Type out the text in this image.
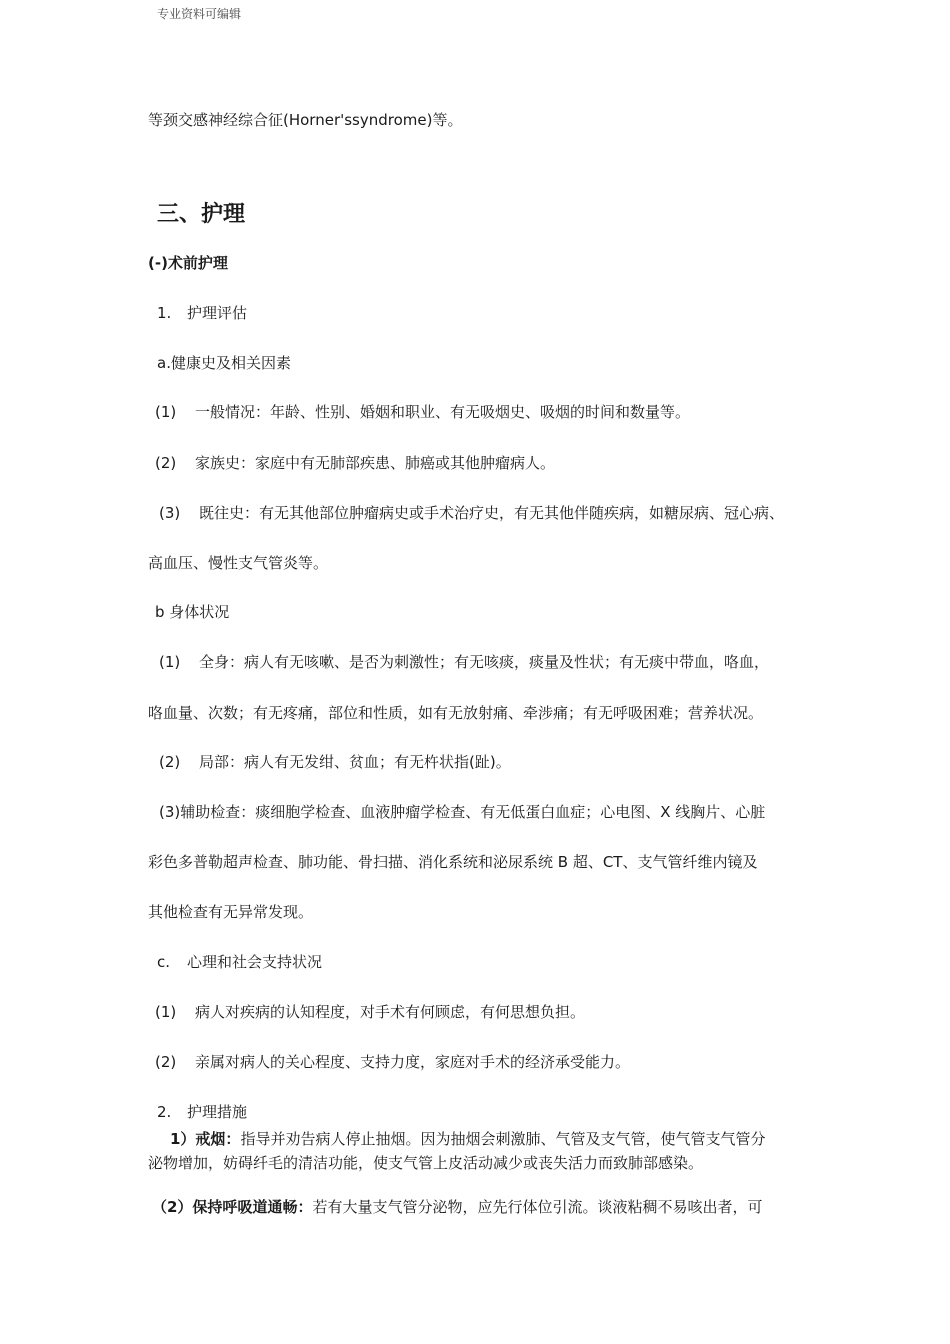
专业资料可编辑
等颈交感神经综合征(Horner'ssyndrome)等。
三、护理
(-)术前护理
1. 护理评估
a.健康史及相关因素
(1) 一般情况：年龄、性别、婚姻和职业、有无吸烟史、吸烟的时间和数量等。
(2) 家族史：家庭中有无肺部疾患、肺癌或其他肿瘤病人。
(3) 既往史：有无其他部位肿瘤病史或手术治疗史，有无其他伴随疾病，如糖尿病、冠心病、
高血压、慢性支气管炎等。
b 身体状况
(1) 全身：病人有无咳嗽、是否为刺激性；有无咳痰，痰量及性状；有无痰中带血，咯血，
咯血量、次数；有无疼痛，部位和性质，如有无放射痛、牵涉痛；有无呼吸困难；营养状况。
(2) 局部：病人有无发绀、贫血；有无杵状指(趾)。
(3)辅助检查：痰细胞学检查、血液肿瘤学检查、有无低蛋白血症；心电图、X 线胸片、心脏
彩色多普勒超声检查、肺功能、骨扫描、消化系统和泌尿系统 B 超、CT、支气管纤维内镜及
其他检查有无异常发现。
c. 心理和社会支持状况
(1) 病人对疾病的认知程度，对手术有何顾虑，有何思想负担。
(2) 亲属对病人的关心程度、支持力度，家庭对手术的经济承受能力。
2. 护理措施
1）戒烟：指导并劝告病人停止抽烟。因为抽烟会刺激肺、气管及支气管，使气管支气管分
泌物增加，妨碍纤毛的清洁功能，使支气管上皮活动减少或丧失活力而致肺部感染。
（2）保持呼吸道通畅：若有大量支气管分泌物，应先行体位引流。谈液粘稠不易咳出者，可
